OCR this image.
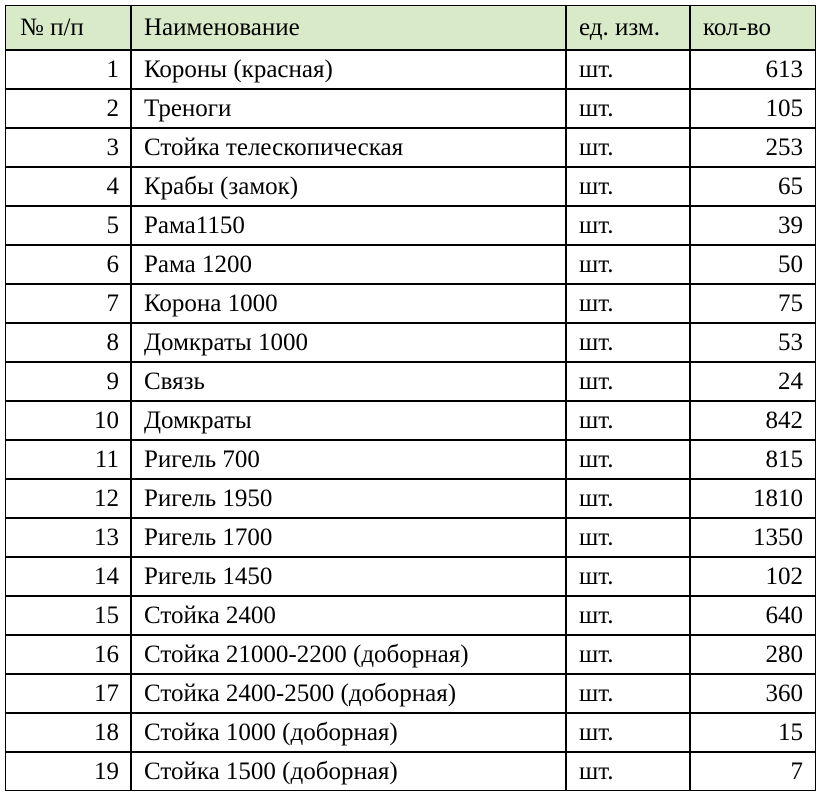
№ п/п	Наименование	ед. изм.	кол-во
1	Короны (красная)	шт.	613
2	Треноги	шт.	105
3	Стойка телескопическая	шт.	253
4	Крабы (замок)	шт.	65
5	Рама1150	шт.	39
6	Рама 1200	шт.	50
7	Корона 1000	шт.	75
8	Домкраты 1000	шт.	53
9	Связь	шт.	24
10	Домкраты	шт.	842
11	Ригель 700	шт.	815
12	Ригель 1950	шт.	1810
13	Ригель 1700	шт.	1350
14	Ригель 1450	шт.	102
15	Стойка 2400	шт.	640
16	Стойка 21000-2200 (доборная)	шт.	280
17	Стойка 2400-2500 (доборная)	шт.	360
18	Стойка 1000 (доборная)	шт.	15
19	Стойка 1500 (доборная)	шт.	7
